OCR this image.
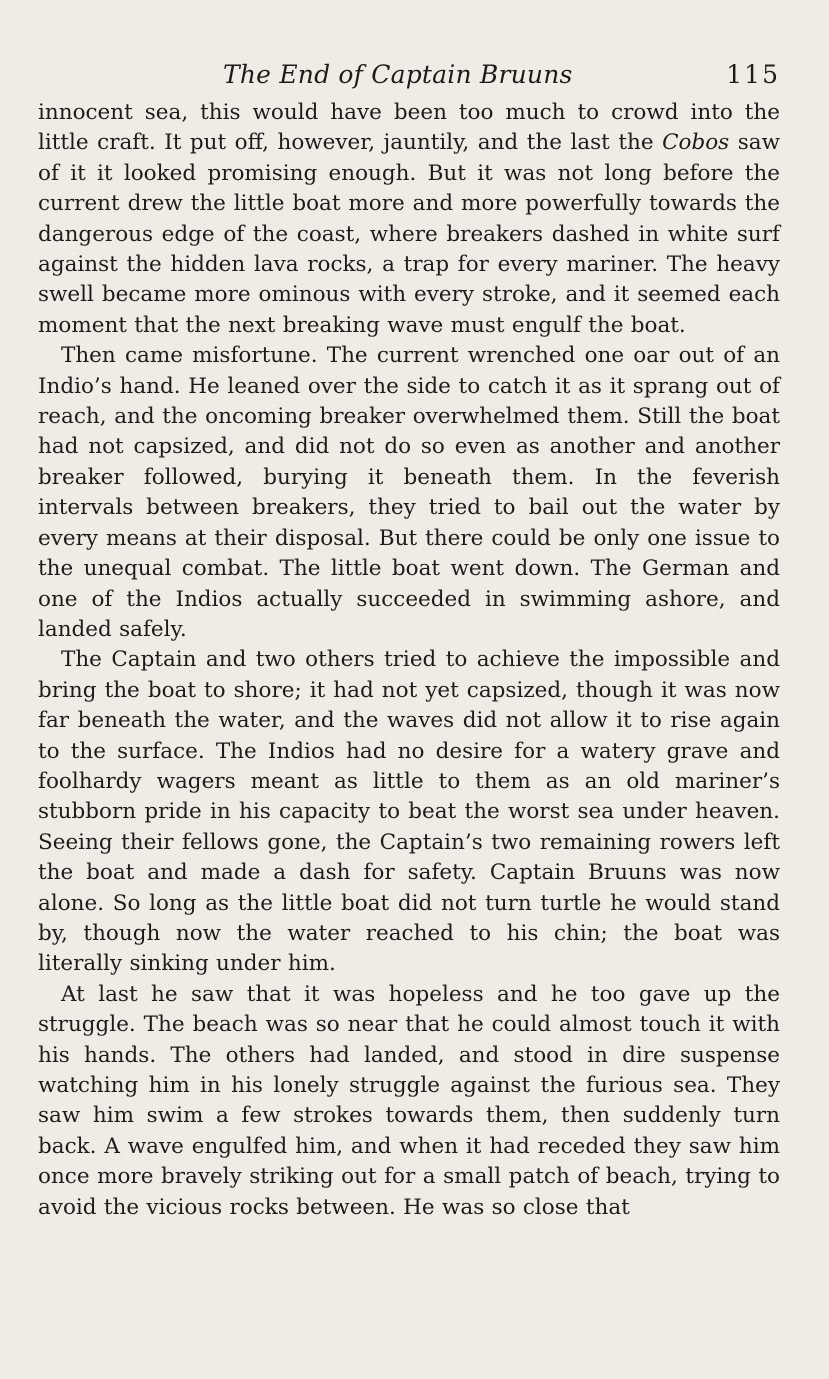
The End of Captain Bruuns	115

innocent sea, this would have been too much to crowd into the little craft. It put off, however, jauntily, and the last the Cobos saw of it it looked promising enough. But it was not long before the current drew the little boat more and more powerfully towards the dangerous edge of the coast, where breakers dashed in white surf against the hidden lava rocks, a trap for every mariner. The heavy swell became more ominous with every stroke, and it seemed each moment that the next breaking wave must engulf the boat.

Then came misfortune. The current wrenched one oar out of an Indio’s hand. He leaned over the side to catch it as it sprang out of reach, and the oncoming breaker overwhelmed them. Still the boat had not capsized, and did not do so even as another and another breaker followed, burying it beneath them. In the feverish intervals between breakers, they tried to bail out the water by every means at their disposal. But there could be only one issue to the unequal combat. The little boat went down. The German and one of the Indios actually succeeded in swimming ashore, and landed safely.

The Captain and two others tried to achieve the impossible and bring the boat to shore; it had not yet capsized, though it was now far beneath the water, and the waves did not allow it to rise again to the surface. The Indios had no desire for a watery grave and foolhardy wagers meant as little to them as an old mariner’s stubborn pride in his capacity to beat the worst sea under heaven. Seeing their fellows gone, the Captain’s two remaining rowers left the boat and made a dash for safety. Captain Bruuns was now alone. So long as the little boat did not turn turtle he would stand by, though now the water reached to his chin; the boat was literally sinking under him.

At last he saw that it was hopeless and he too gave up the struggle. The beach was so near that he could almost touch it with his hands. The others had landed, and stood in dire suspense watching him in his lonely struggle against the furious sea. They saw him swim a few strokes towards them, then suddenly turn back. A wave engulfed him, and when it had receded they saw him once more bravely striking out for a small patch of beach, trying to avoid the vicious rocks between. He was so close that
